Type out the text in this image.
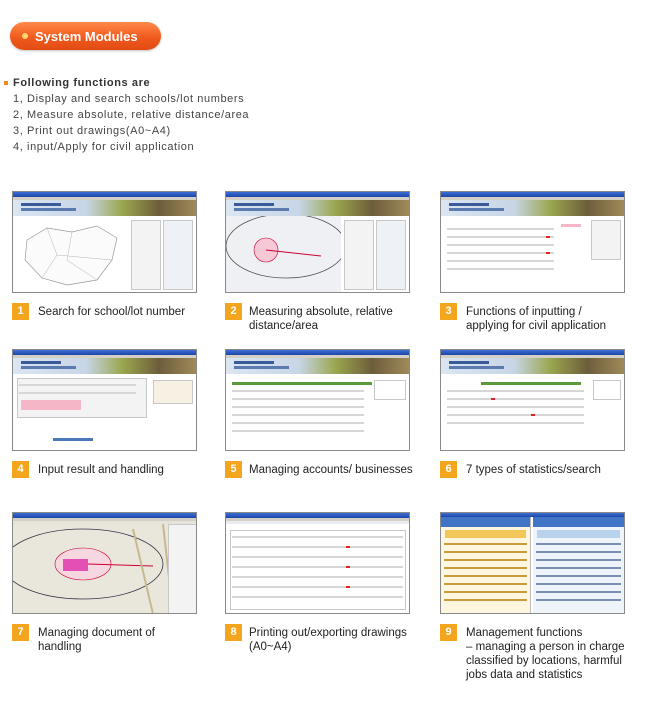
System Modules
Following functions are
1, Display and search schools/lot numbers
2, Measure absolute, relative distance/area
3, Print out drawings(A0~A4)
4, input/Apply for civil application
1	Search for school/lot number	2	Measuring absolute, relative
distance/area
3	Functions of inputting /
applying for civil application
4	Input result and handling	5	Managing accounts/ businesses	6	7 types of statistics/search
7	Managing document of
handling
8	Printing out/exporting drawings
(A0~A4)
9	Management functions
– managing a person in charge
classified by locations, harmful
jobs data and statistics
